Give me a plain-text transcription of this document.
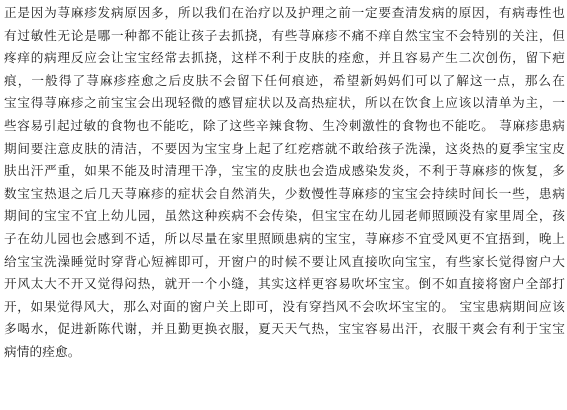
正是因为荨麻疹发病原因多，所以我们在治疗以及护理之前一定要查清发病的原因，有病毒性也
有过敏性无论是哪一种都不能让孩子去抓挠，有些荨麻疹不痛不痒自然宝宝不会特别的关注，但
疼痒的病理反应会让宝宝经常去抓挠，这样不利于皮肤的痊愈，并且容易产生二次创伤，留下疤
痕，一般得了荨麻疹痊愈之后皮肤不会留下任何痕迹，希望新妈妈们可以了解这一点，那么在
宝宝得荨麻疹之前宝宝会出现轻微的感冒症状以及高热症状，所以在饮食上应该以清单为主，一
些容易引起过敏的食物也不能吃，除了这些辛辣食物、生冷刺激性的食物也不能吃。 荨麻疹患病
期间要注意皮肤的清洁，不要因为宝宝身上起了红疙瘩就不敢给孩子洗澡，这炎热的夏季宝宝皮
肤出汗严重，如果不能及时清理干净，宝宝的皮肤也会造成感染发炎，不利于荨麻疹的恢复，多
数宝宝热退之后几天荨麻疹的症状会自然消失，少数慢性荨麻疹的宝宝会持续时间长一些，患病
期间的宝宝不宜上幼儿园，虽然这种疾病不会传染，但宝宝在幼儿园老师照顾没有家里周全，孩
子在幼儿园也会感到不适，所以尽量在家里照顾患病的宝宝，荨麻疹不宜受风更不宜捂到，晚上
给宝宝洗澡睡觉时穿背心短裤即可，开窗户的时候不要让风直接吹向宝宝，有些家长觉得窗户大
开风太大不开又觉得闷热，就开一个小缝，其实这样更容易吹坏宝宝。倒不如直接将窗户全部打
开，如果觉得风大，那么对面的窗户关上即可，没有穿挡风不会吹坏宝宝的。 宝宝患病期间应该
多喝水，促进新陈代谢，并且勤更换衣服，夏天天气热，宝宝容易出汗，衣服干爽会有利于宝宝
病情的痊愈。
